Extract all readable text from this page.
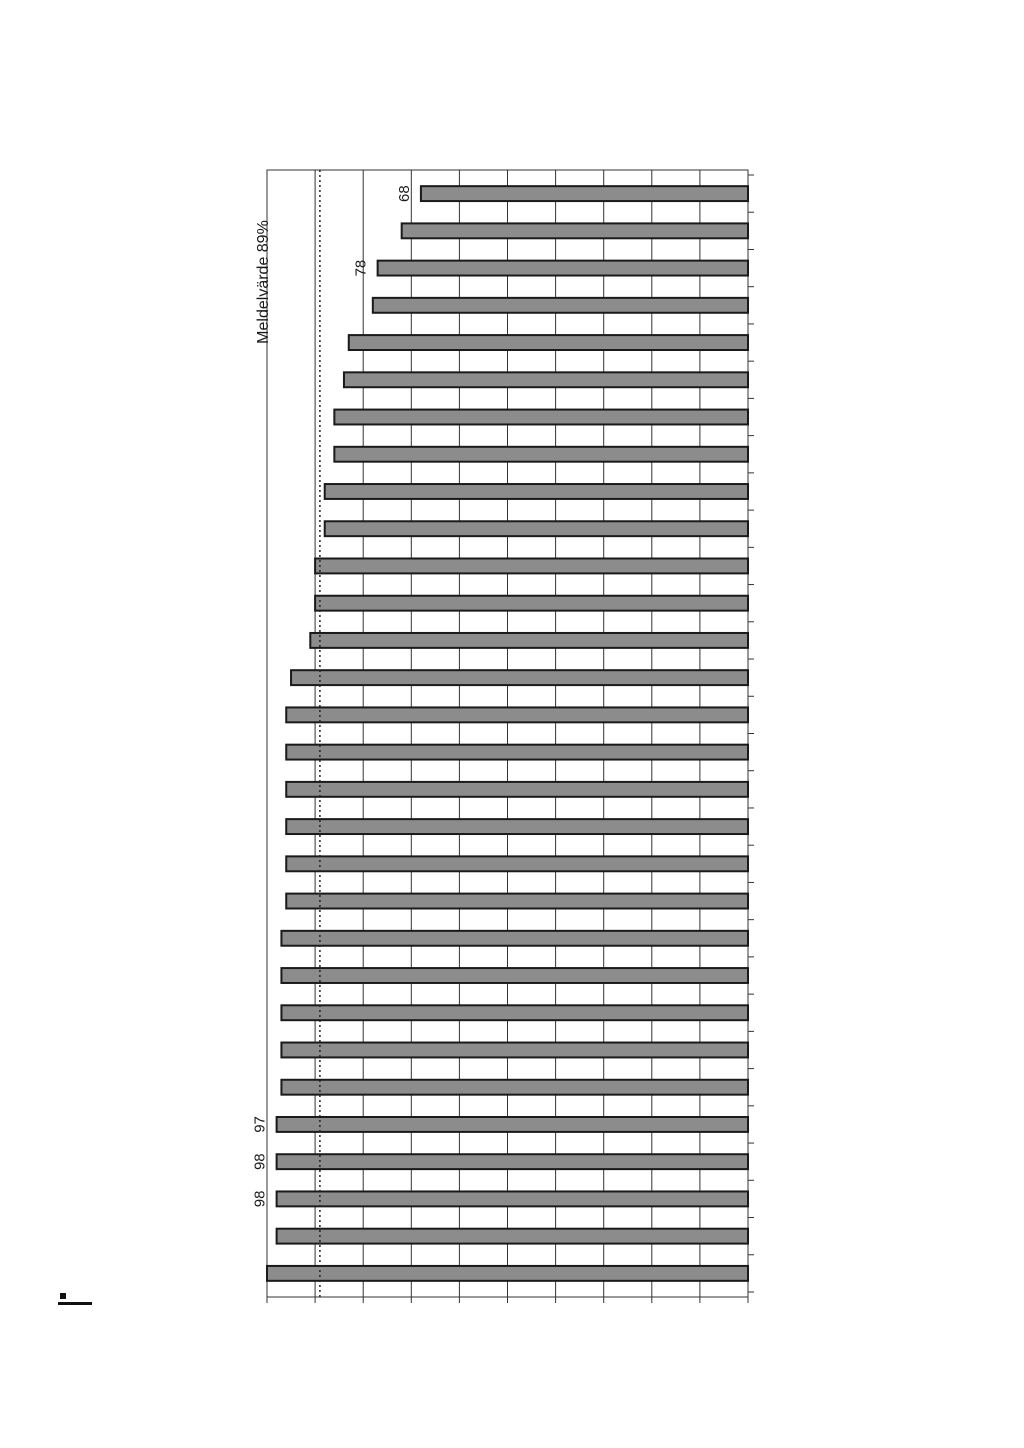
98
98
97
78
68
Meldelvärde 89%
